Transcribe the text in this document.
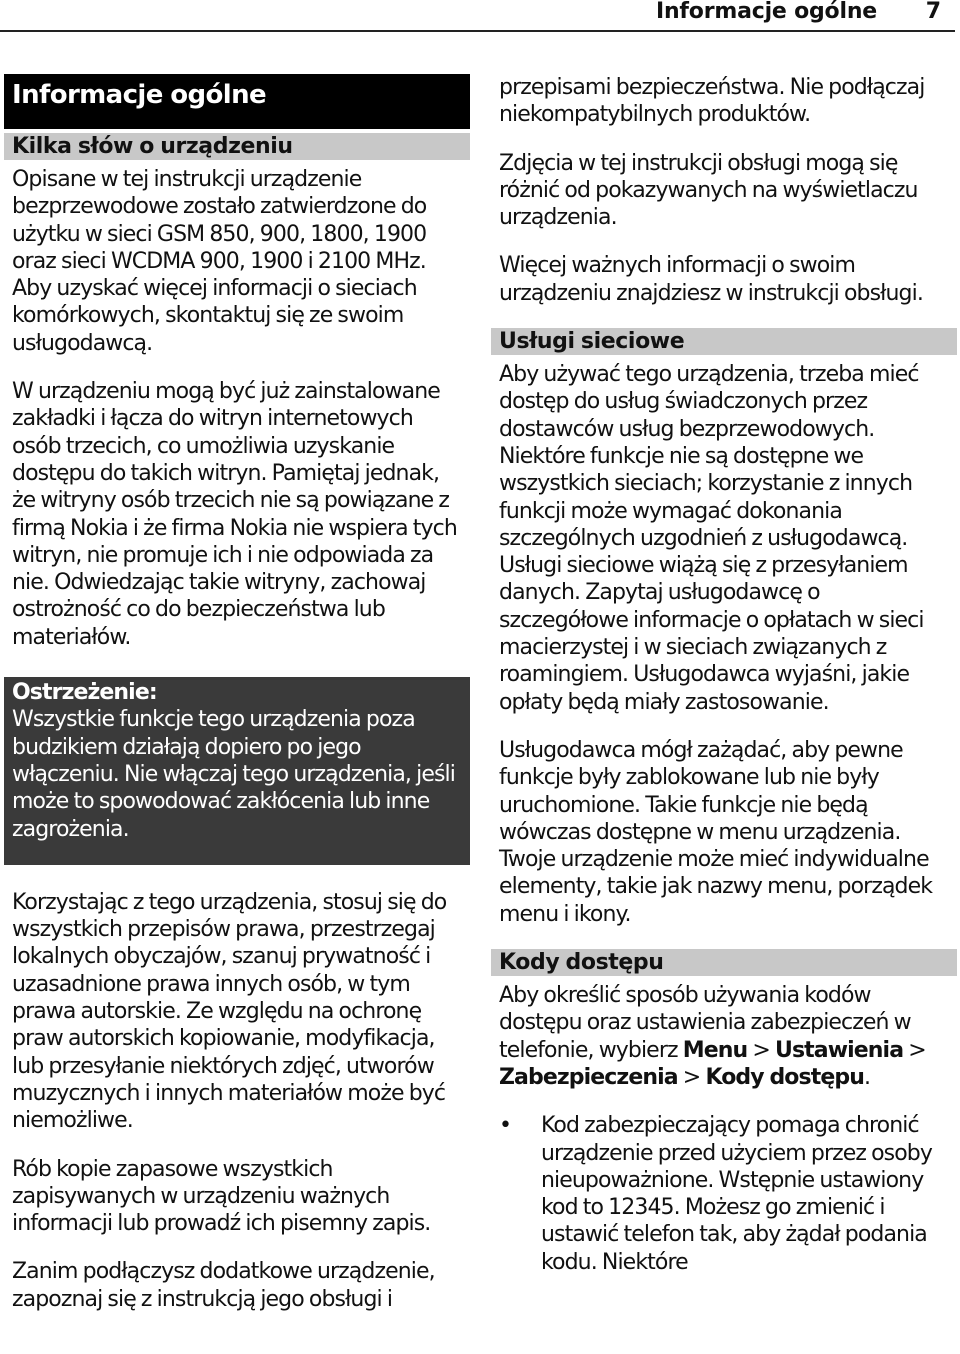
Informacje ogólne 7
Informacje ogólne
Kilka słów o urządzeniu

Opisane w tej instrukcji urządzenie bezprzewodowe zostało zatwierdzone do użytku w sieci GSM 850, 900, 1800, 1900 oraz sieci WCDMA 900, 1900 i 2100 MHz. Aby uzyskać więcej informacji o sieciach komórkowych, skontaktuj się ze swoim usługodawcą.

W urządzeniu mogą być już zainstalowane zakładki i łącza do witryn internetowych osób trzecich, co umożliwia uzyskanie dostępu do takich witryn. Pamiętaj jednak, że witryny osób trzecich nie są powiązane z firmą Nokia i że firma Nokia nie wspiera tych witryn, nie promuje ich i nie odpowiada za nie. Odwiedzając takie witryny, zachowaj ostrożność co do bezpieczeństwa lub materiałów.

Ostrzeżenie:
Wszystkie funkcje tego urządzenia poza budzikiem działają dopiero po jego włączeniu. Nie włączaj tego urządzenia, jeśli może to spowodować zakłócenia lub inne zagrożenia.

Korzystając z tego urządzenia, stosuj się do wszystkich przepisów prawa, przestrzegaj lokalnych obyczajów, szanuj prywatność i uzasadnione prawa innych osób, w tym prawa autorskie. Ze względu na ochronę praw autorskich kopiowanie, modyfikacja, lub przesyłanie niektórych zdjęć, utworów muzycznych i innych materiałów może być niemożliwe.

Rób kopie zapasowe wszystkich zapisywanych w urządzeniu ważnych informacji lub prowadź ich pisemny zapis.

Zanim podłączysz dodatkowe urządzenie, zapoznaj się z instrukcją jego obsługi i

przepisami bezpieczeństwa. Nie podłączaj niekompatybilnych produktów.

Zdjęcia w tej instrukcji obsługi mogą się różnić od pokazywanych na wyświetlaczu urządzenia.

Więcej ważnych informacji o swoim urządzeniu znajdziesz w instrukcji obsługi.

Usługi sieciowe

Aby używać tego urządzenia, trzeba mieć dostęp do usług świadczonych przez dostawców usług bezprzewodowych. Niektóre funkcje nie są dostępne we wszystkich sieciach; korzystanie z innych funkcji może wymagać dokonania szczególnych uzgodnień z usługodawcą. Usługi sieciowe wiążą się z przesyłaniem danych. Zapytaj usługodawcę o szczegółowe informacje o opłatach w sieci macierzystej i w sieciach związanych z roamingiem. Usługodawca wyjaśni, jakie opłaty będą miały zastosowanie.

Usługodawca mógł zażądać, aby pewne funkcje były zablokowane lub nie były uruchomione. Takie funkcje nie będą wówczas dostępne w menu urządzenia. Twoje urządzenie może mieć indywidualne elementy, takie jak nazwy menu, porządek menu i ikony.

Kody dostępu

Aby określić sposób używania kodów dostępu oraz ustawienia zabezpieczeń w telefonie, wybierz Menu > Ustawienia > Zabezpieczenia > Kody dostępu.

• Kod zabezpieczający pomaga chronić urządzenie przed użyciem przez osoby nieupoważnione. Wstępnie ustawiony kod to 12345. Możesz go zmienić i ustawić telefon tak, aby żądał podania kodu. Niektóre
